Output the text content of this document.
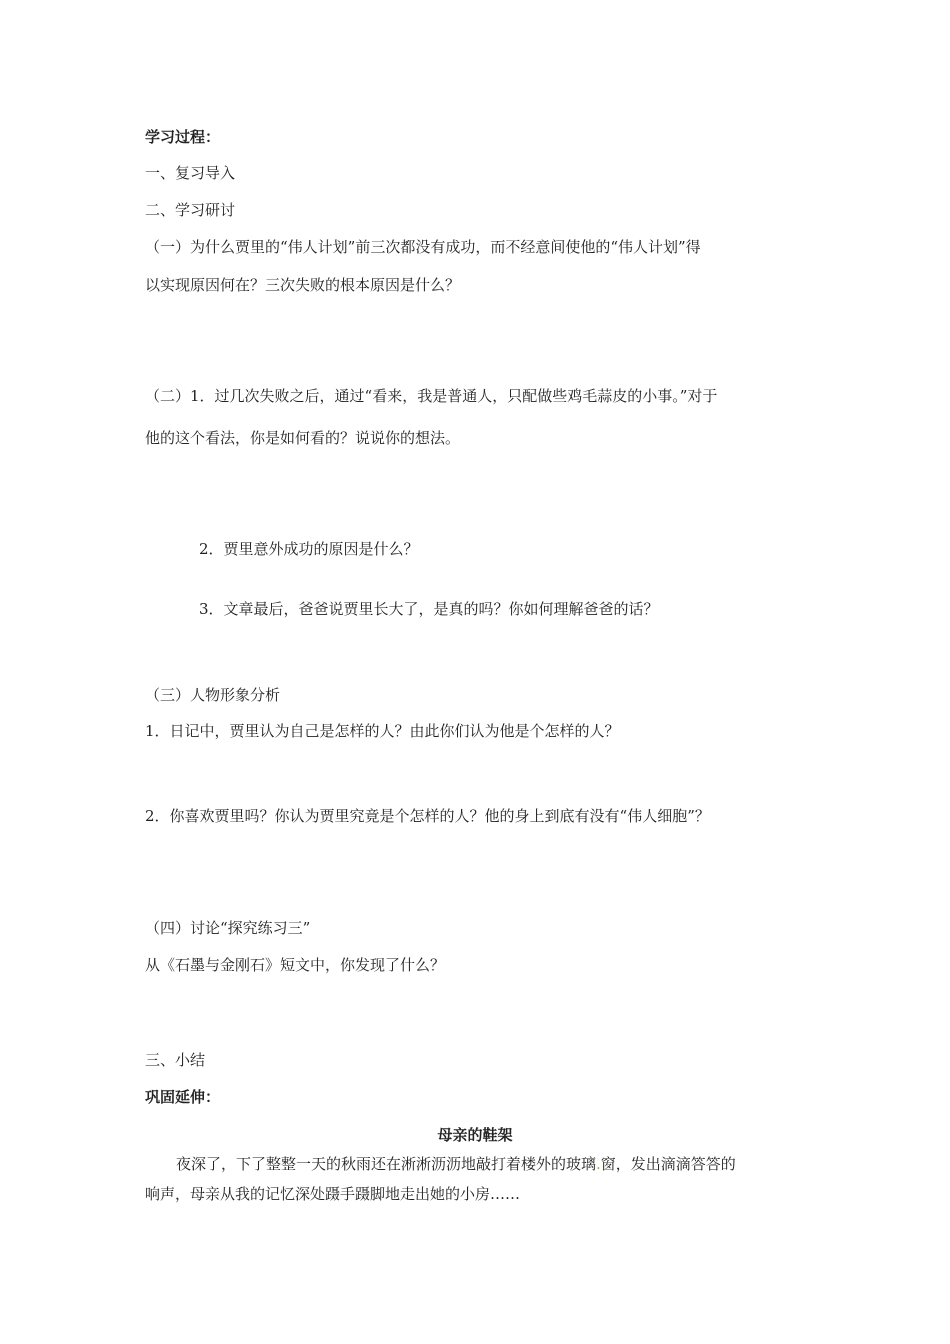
学习过程：
一、复习导入
二、学习研讨
（一）为什么贾里的“伟人计划”前三次都没有成功，而不经意间使他的“伟人计划”得
以实现原因何在？三次失败的根本原因是什么？
（二）1．过几次失败之后，通过“看来，我是普通人，只配做些鸡毛蒜皮的小事。”对于
他的这个看法，你是如何看的？说说你的想法。
2．贾里意外成功的原因是什么？
3．文章最后，爸爸说贾里长大了，是真的吗？你如何理解爸爸的话？
（三）人物形象分析
1．日记中，贾里认为自己是怎样的人？由此你们认为他是个怎样的人？
2．你喜欢贾里吗？你认为贾里究竟是个怎样的人？他的身上到底有没有“伟人细胞”？
（四）讨论“探究练习三”
从《石墨与金刚石》短文中，你发现了什么？
三、小结
巩固延伸：
母亲的鞋架
夜深了，下了整整一天的秋雨还在淅淅沥沥地敲打着楼外的玻璃.窗，发出滴滴答答的
响声，母亲从我的记忆深处蹑手蹑脚地走出她的小房……
